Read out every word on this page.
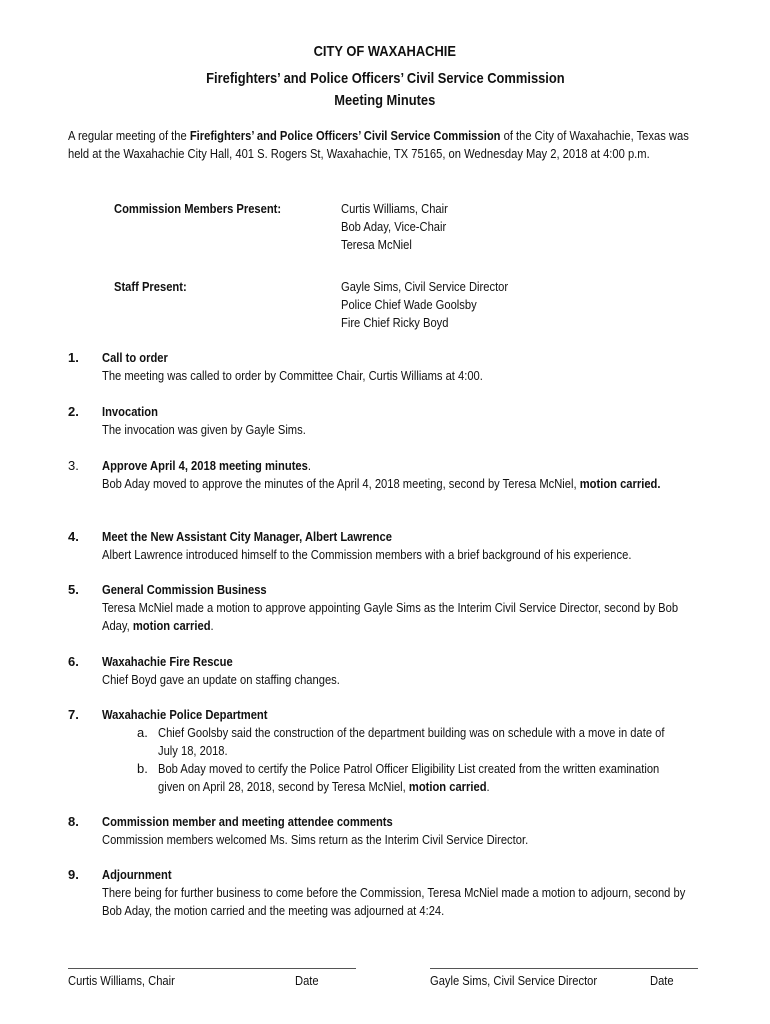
CITY OF WAXAHACHIE
Firefighters’ and Police Officers’ Civil Service Commission
Meeting Minutes
A regular meeting of the Firefighters’ and Police Officers’ Civil Service Commission of the City of Waxahachie, Texas was held at the Waxahachie City Hall, 401 S. Rogers St, Waxahachie, TX 75165, on Wednesday May 2, 2018 at 4:00 p.m.
Commission Members Present:	Curtis Williams, Chair
Bob Aday, Vice-Chair
Teresa McNiel
Staff Present:	Gayle Sims, Civil Service Director
Police Chief Wade Goolsby
Fire Chief Ricky Boyd
1. Call to order
The meeting was called to order by Committee Chair, Curtis Williams at 4:00.
2. Invocation
The invocation was given by Gayle Sims.
3. Approve April 4, 2018 meeting minutes.
Bob Aday moved to approve the minutes of the April 4, 2018 meeting, second by Teresa McNiel, motion carried.
4. Meet the New Assistant City Manager, Albert Lawrence
Albert Lawrence introduced himself to the Commission members with a brief background of his experience.
5. General Commission Business
Teresa McNiel made a motion to approve appointing Gayle Sims as the Interim Civil Service Director, second by Bob Aday, motion carried.
6. Waxahachie Fire Rescue
Chief Boyd gave an update on staffing changes.
7. Waxahachie Police Department
a. Chief Goolsby said the construction of the department building was on schedule with a move in date of July 18, 2018.
b. Bob Aday moved to certify the Police Patrol Officer Eligibility List created from the written examination given on April 28, 2018, second by Teresa McNiel, motion carried.
8. Commission member and meeting attendee comments
Commission members welcomed Ms. Sims return as the Interim Civil Service Director.
9. Adjournment
There being for further business to come before the Commission, Teresa McNiel made a motion to adjourn, second by Bob Aday, the motion carried and the meeting was adjourned at 4:24.
Curtis Williams, Chair	Date	Gayle Sims, Civil Service Director	Date
